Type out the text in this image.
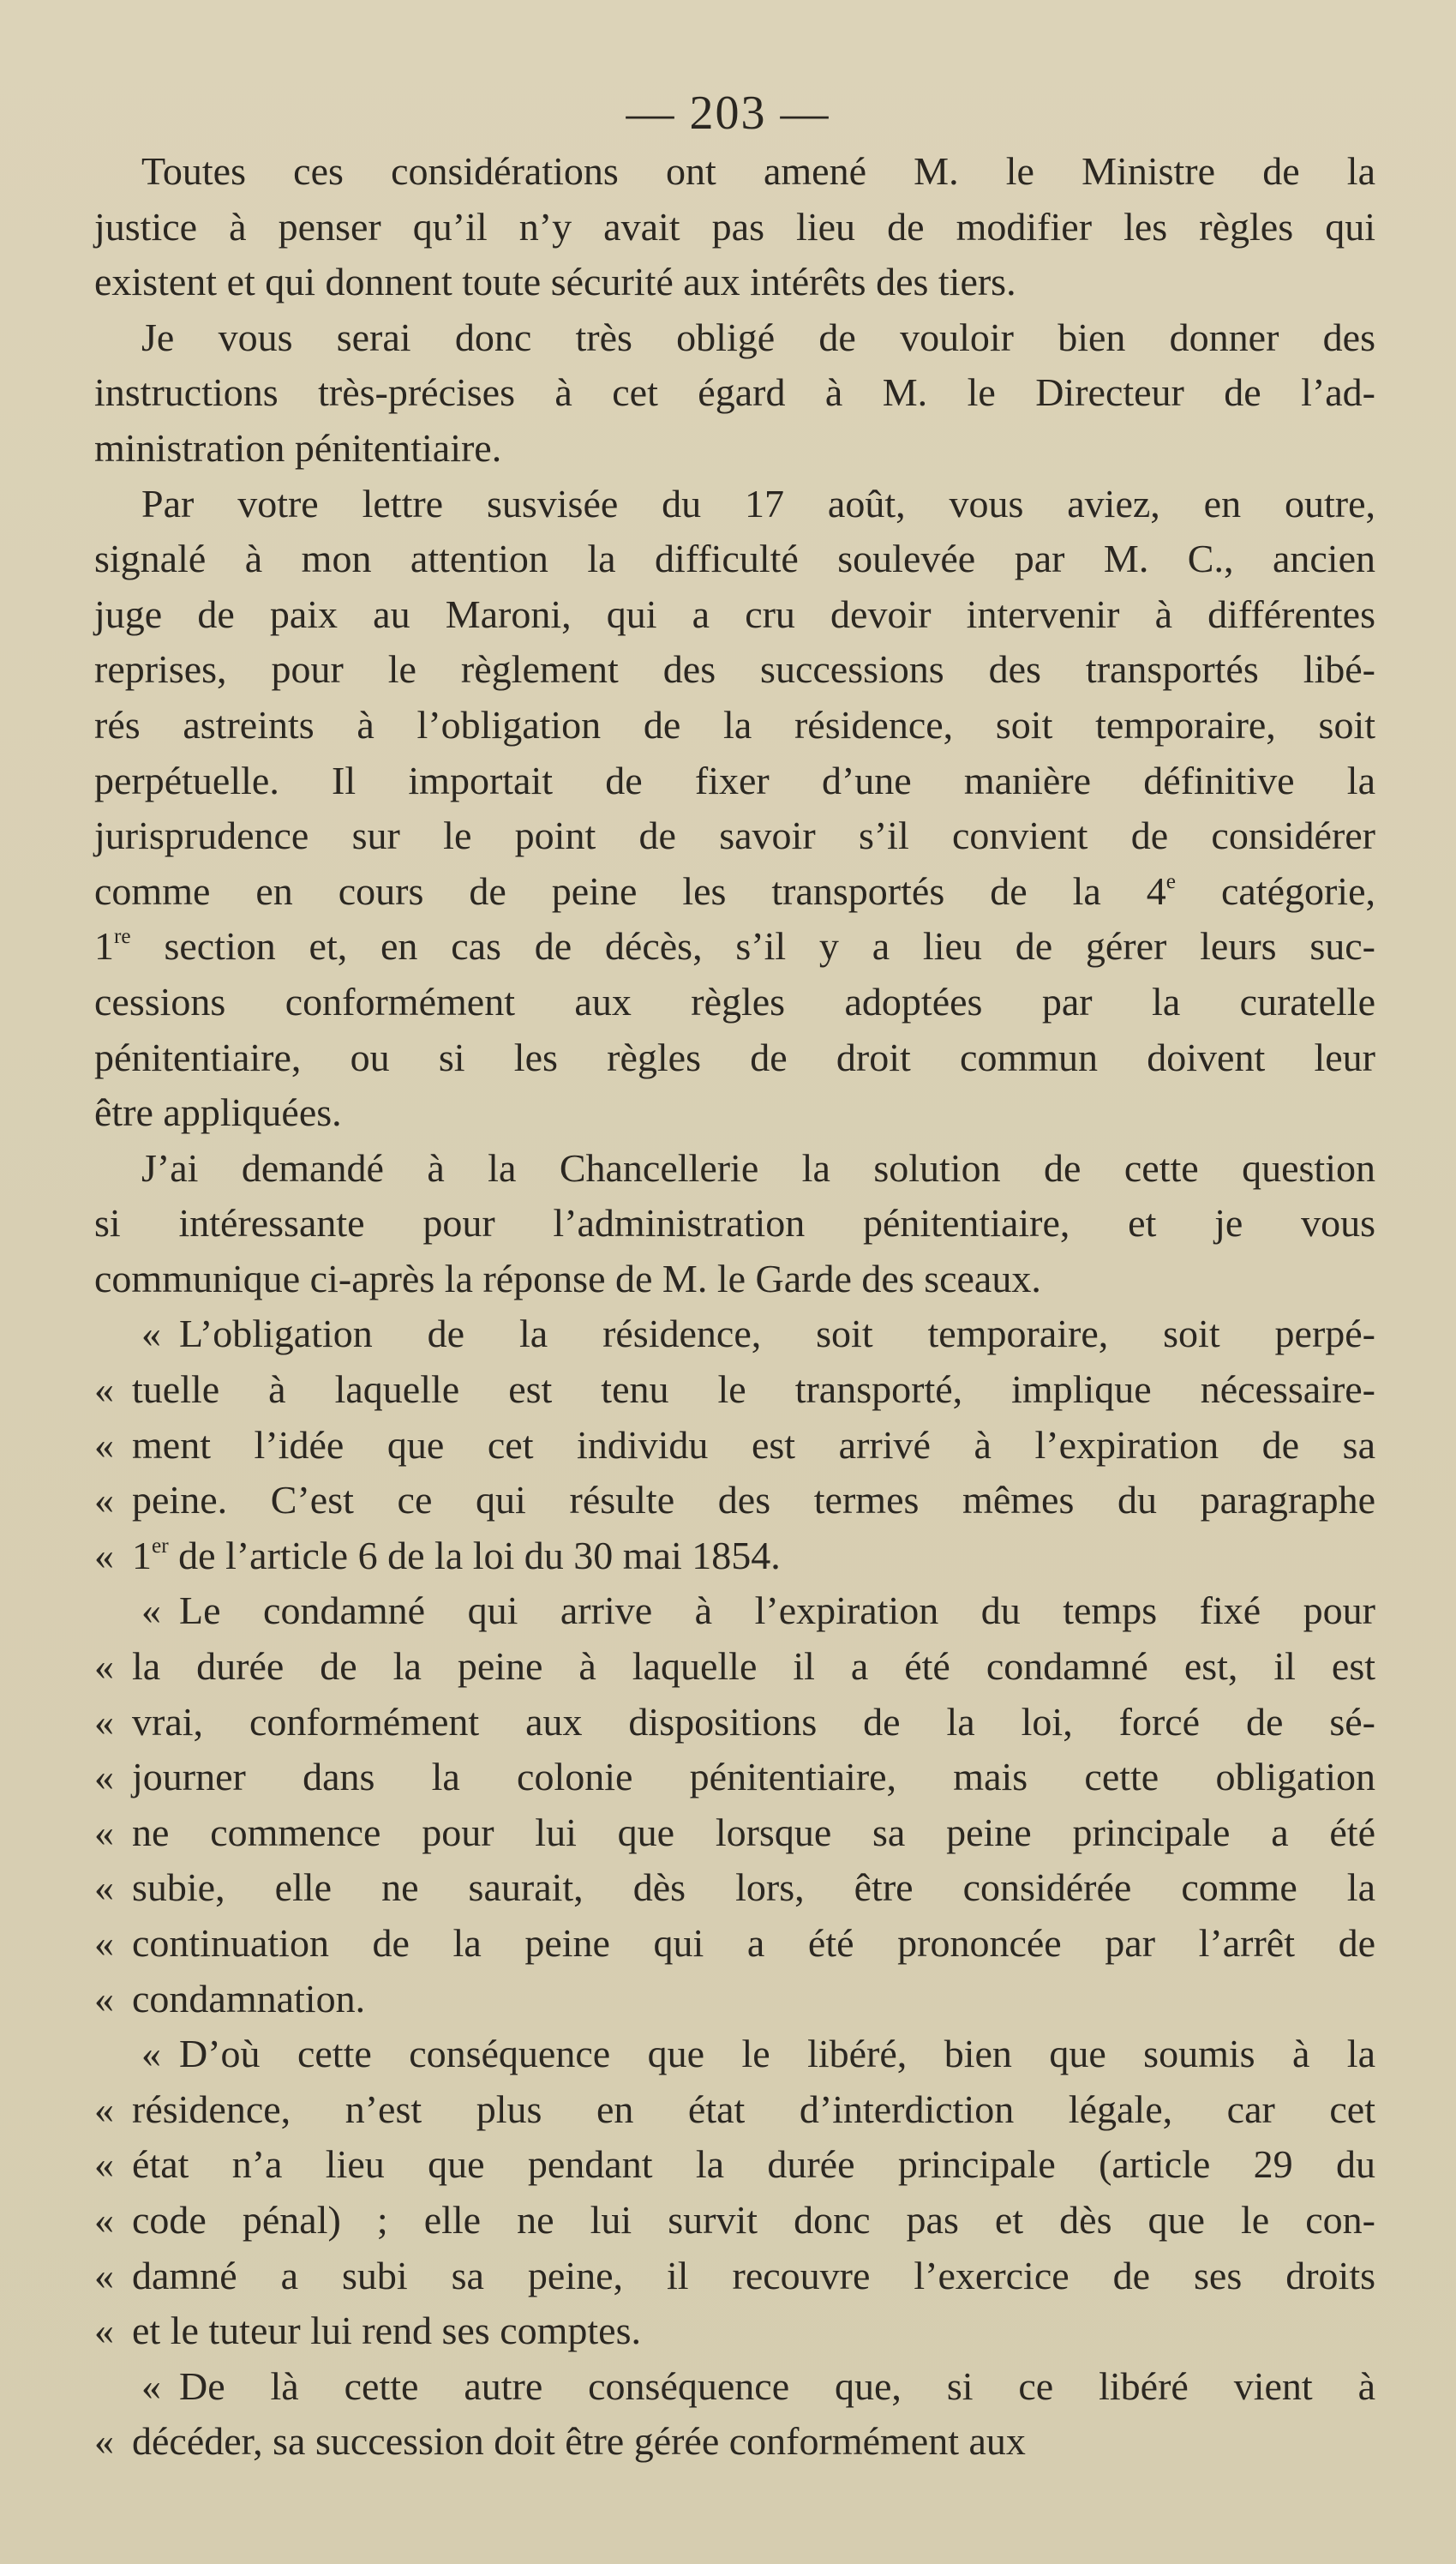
— 203 —
Toutes ces considérations ont amené M. le Ministre de la
justice à penser qu’il n’y avait pas lieu de modifier les règles qui
existent et qui donnent toute sécurité aux intérêts des tiers.
Je vous serai donc très obligé de vouloir bien donner des
instructions très-précises à cet égard à M. le Directeur de l’ad-
ministration pénitentiaire.
Par votre lettre susvisée du 17 août, vous aviez, en outre,
signalé à mon attention la difficulté soulevée par M. C., ancien
juge de paix au Maroni, qui a cru devoir intervenir à différentes
reprises, pour le règlement des successions des transportés libé-
rés astreints à l’obligation de la résidence, soit temporaire, soit
perpétuelle. Il importait de fixer d’une manière définitive la
jurisprudence sur le point de savoir s’il convient de considérer
comme en cours de peine les transportés de la 4e catégorie,
1re section et, en cas de décès, s’il y a lieu de gérer leurs suc-
cessions conformément aux règles adoptées par la curatelle
pénitentiaire, ou si les règles de droit commun doivent leur
être appliquées.
J’ai demandé à la Chancellerie la solution de cette question
si intéressante pour l’administration pénitentiaire, et je vous
communique ci-après la réponse de M. le Garde des sceaux.
« L’obligation de la résidence, soit temporaire, soit perpé-
« tuelle à laquelle est tenu le transporté, implique nécessaire-
« ment l’idée que cet individu est arrivé à l’expiration de sa
« peine. C’est ce qui résulte des termes mêmes du paragraphe
« 1er de l’article 6 de la loi du 30 mai 1854.
« Le condamné qui arrive à l’expiration du temps fixé pour
« la durée de la peine à laquelle il a été condamné est, il est
« vrai, conformément aux dispositions de la loi, forcé de sé-
« journer dans la colonie pénitentiaire, mais cette obligation
« ne commence pour lui que lorsque sa peine principale a été
« subie, elle ne saurait, dès lors, être considérée comme la
« continuation de la peine qui a été prononcée par l’arrêt de
« condamnation.
« D’où cette conséquence que le libéré, bien que soumis à la
« résidence, n’est plus en état d’interdiction légale, car cet
« état n’a lieu que pendant la durée principale (article 29 du
« code pénal) ; elle ne lui survit donc pas et dès que le con-
« damné a subi sa peine, il recouvre l’exercice de ses droits
« et le tuteur lui rend ses comptes.
« De là cette autre conséquence que, si ce libéré vient à
« décéder, sa succession doit être gérée conformément aux
